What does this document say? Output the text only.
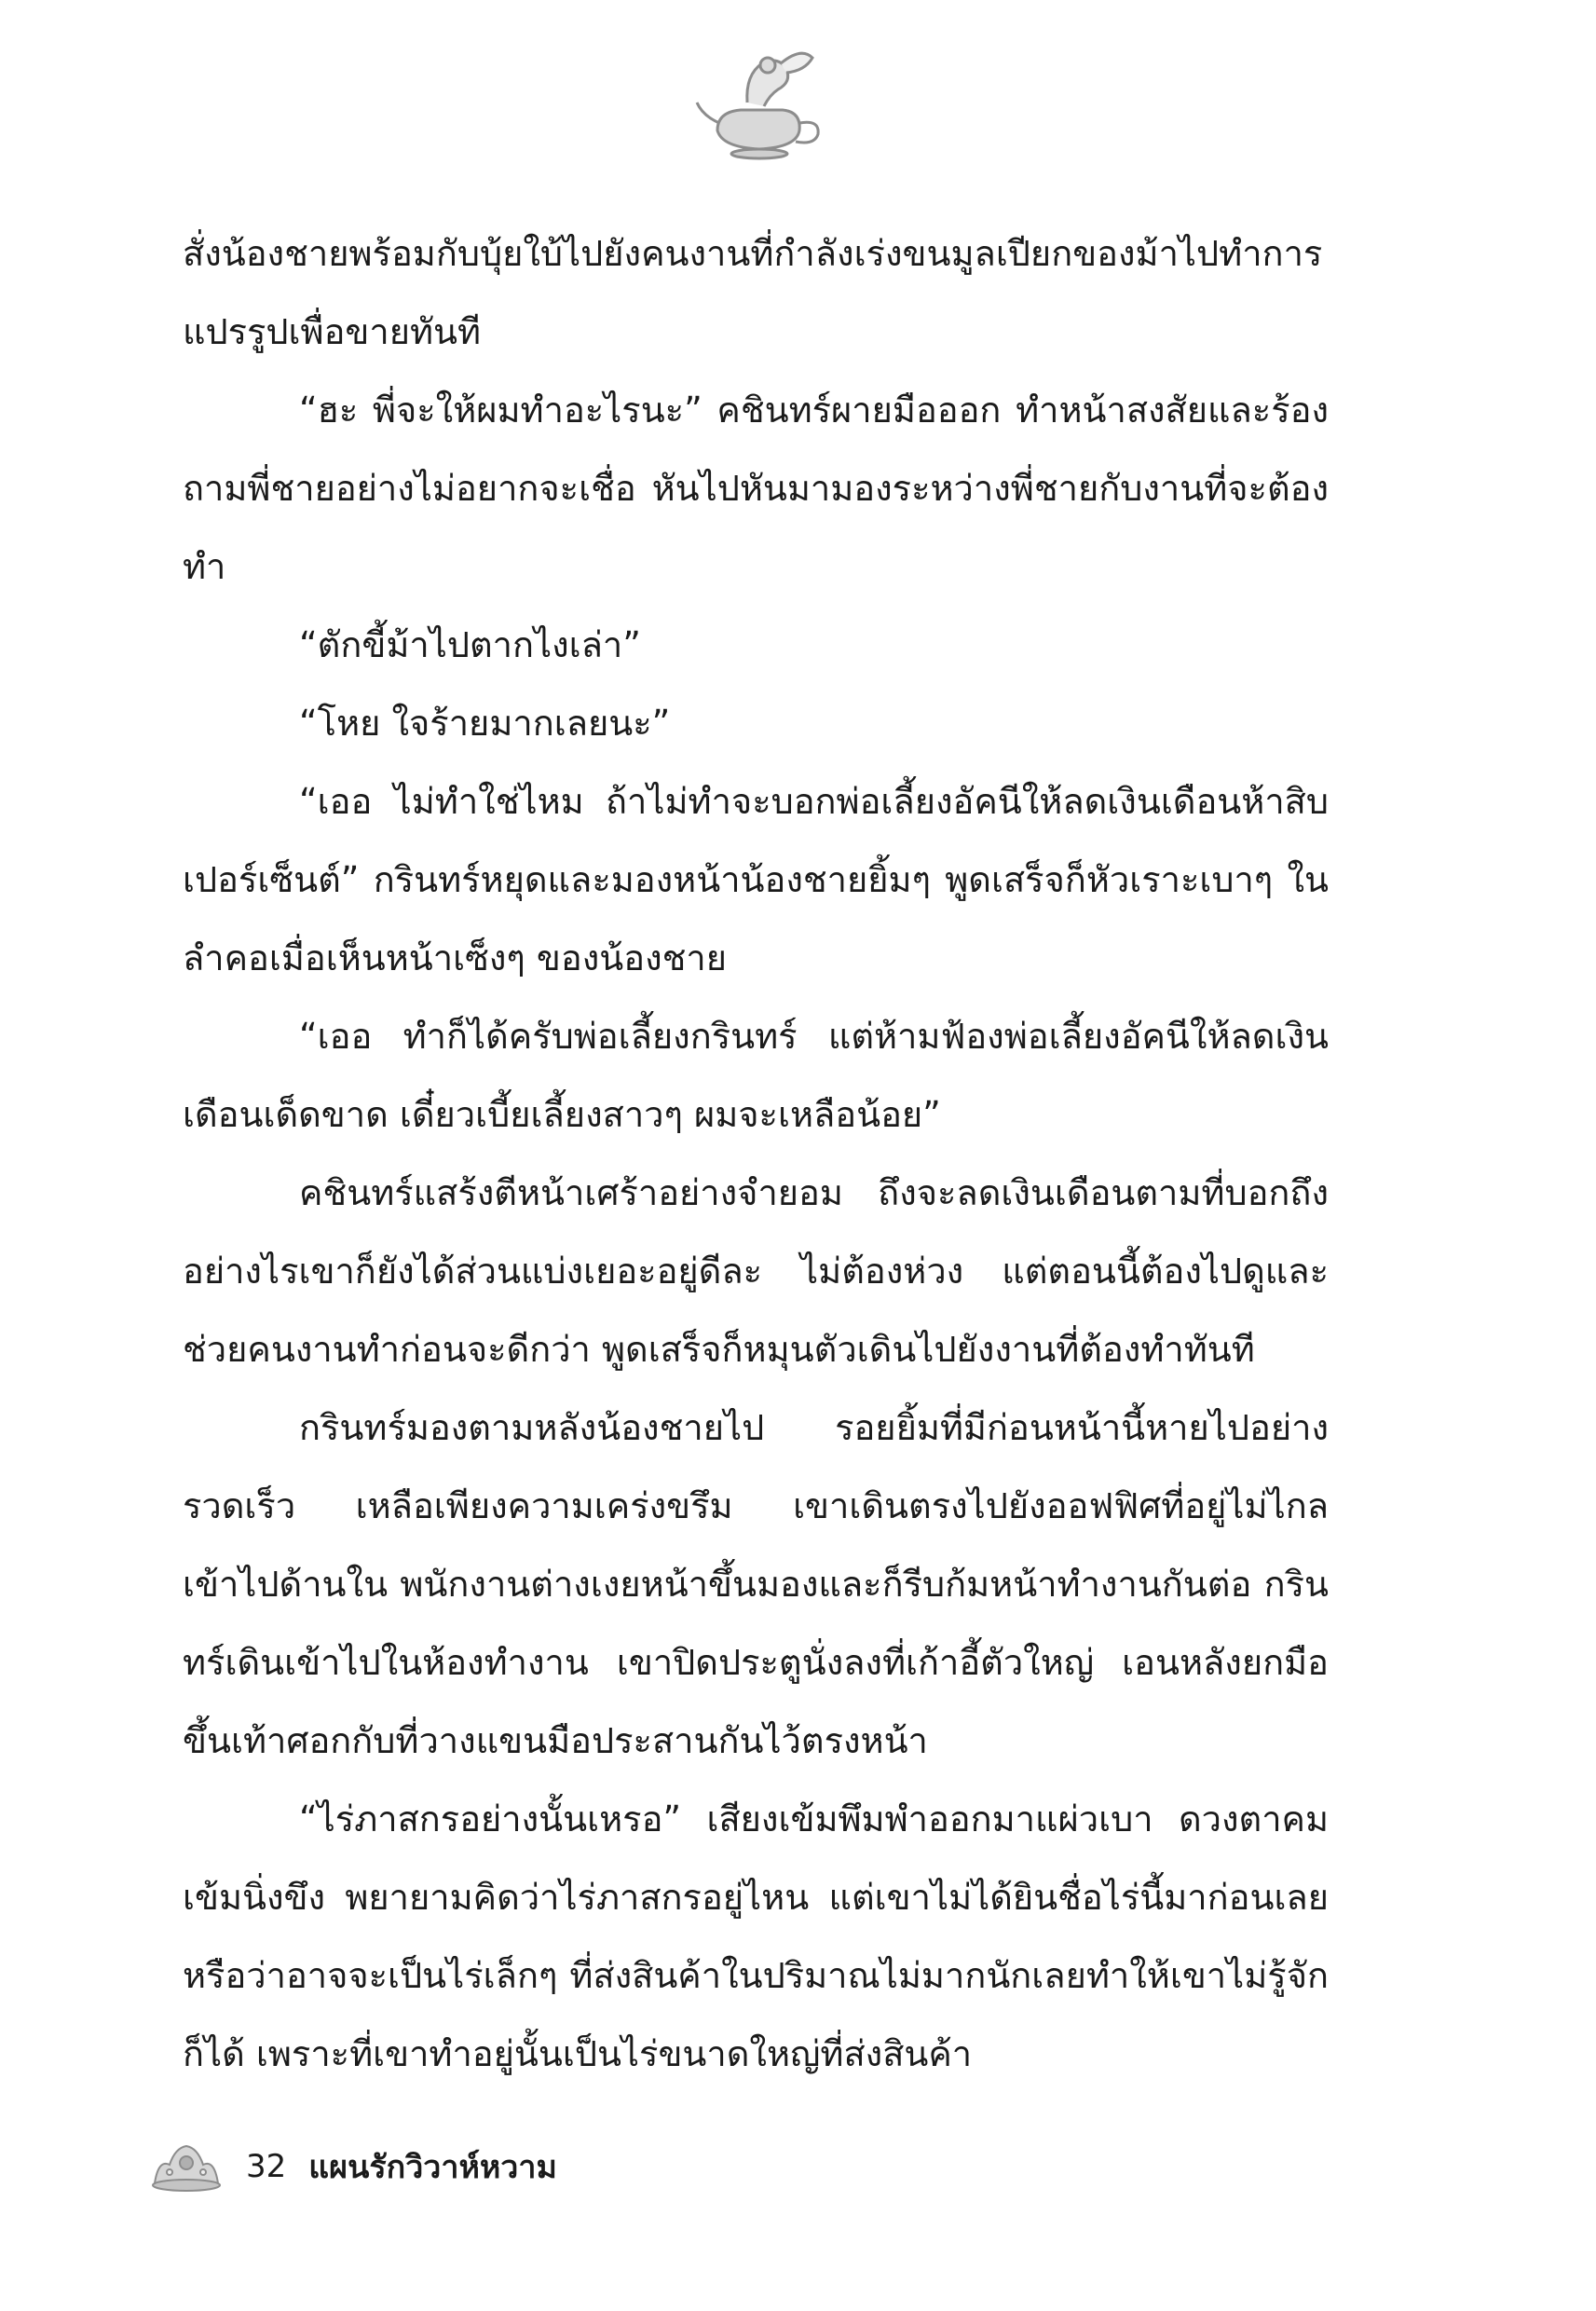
สั่งน้องชายพร้อมกับบุ้ยใบ้ไปยังคนงานที่กำลังเร่งขนมูลเปียกของม้าไปทำการแปรรูปเพื่อขายทันที

“ฮะ พี่จะให้ผมทำอะไรนะ” คชินทร์ผายมือออก ทำหน้าสงสัยและร้องถามพี่ชายอย่างไม่อยากจะเชื่อ หันไปหันมามองระหว่างพี่ชายกับงานที่จะต้องทำ

“ตักขี้ม้าไปตากไงเล่า”

“โหย ใจร้ายมากเลยนะ”

“เออ ไม่ทำใช่ไหม ถ้าไม่ทำจะบอกพ่อเลี้ยงอัคนีให้ลดเงินเดือนห้าสิบเปอร์เซ็นต์” กรินทร์หยุดและมองหน้าน้องชายยิ้มๆ พูดเสร็จก็หัวเราะเบาๆ ในลำคอเมื่อเห็นหน้าเซ็งๆ ของน้องชาย

“เออ ทำก็ได้ครับพ่อเลี้ยงกรินทร์ แต่ห้ามฟ้องพ่อเลี้ยงอัคนีให้ลดเงินเดือนเด็ดขาด เดี๋ยวเบี้ยเลี้ยงสาวๆ ผมจะเหลือน้อย”

คชินทร์แสร้งตีหน้าเศร้าอย่างจำยอม ถึงจะลดเงินเดือนตามที่บอกถึงอย่างไรเขาก็ยังได้ส่วนแบ่งเยอะอยู่ดีละ ไม่ต้องห่วง แต่ตอนนี้ต้องไปดูและช่วยคนงานทำก่อนจะดีกว่า พูดเสร็จก็หมุนตัวเดินไปยังงานที่ต้องทำทันที

กรินทร์มองตามหลังน้องชายไป รอยยิ้มที่มีก่อนหน้านี้หายไปอย่างรวดเร็ว เหลือเพียงความเคร่งขรึม เขาเดินตรงไปยังออฟฟิศที่อยู่ไม่ไกล เข้าไปด้านใน พนักงานต่างเงยหน้าขึ้นมองและก็รีบก้มหน้าทำงานกันต่อ กรินทร์เดินเข้าไปในห้องทำงาน เขาปิดประตูนั่งลงที่เก้าอี้ตัวใหญ่ เอนหลังยกมือขึ้นเท้าศอกกับที่วางแขนมือประสานกันไว้ตรงหน้า

“ไร่ภาสกรอย่างนั้นเหรอ” เสียงเข้มพึมพำออกมาแผ่วเบา ดวงตาคมเข้มนิ่งขึง พยายามคิดว่าไร่ภาสกรอยู่ไหน แต่เขาไม่ได้ยินชื่อไร่นี้มาก่อนเลย หรือว่าอาจจะเป็นไร่เล็กๆ ที่ส่งสินค้าในปริมาณไม่มากนักเลยทำให้เขาไม่รู้จักก็ได้ เพราะที่เขาทำอยู่นั้นเป็นไร่ขนาดใหญ่ที่ส่งสินค้า

32 แผนรักวิวาห์หวาม
